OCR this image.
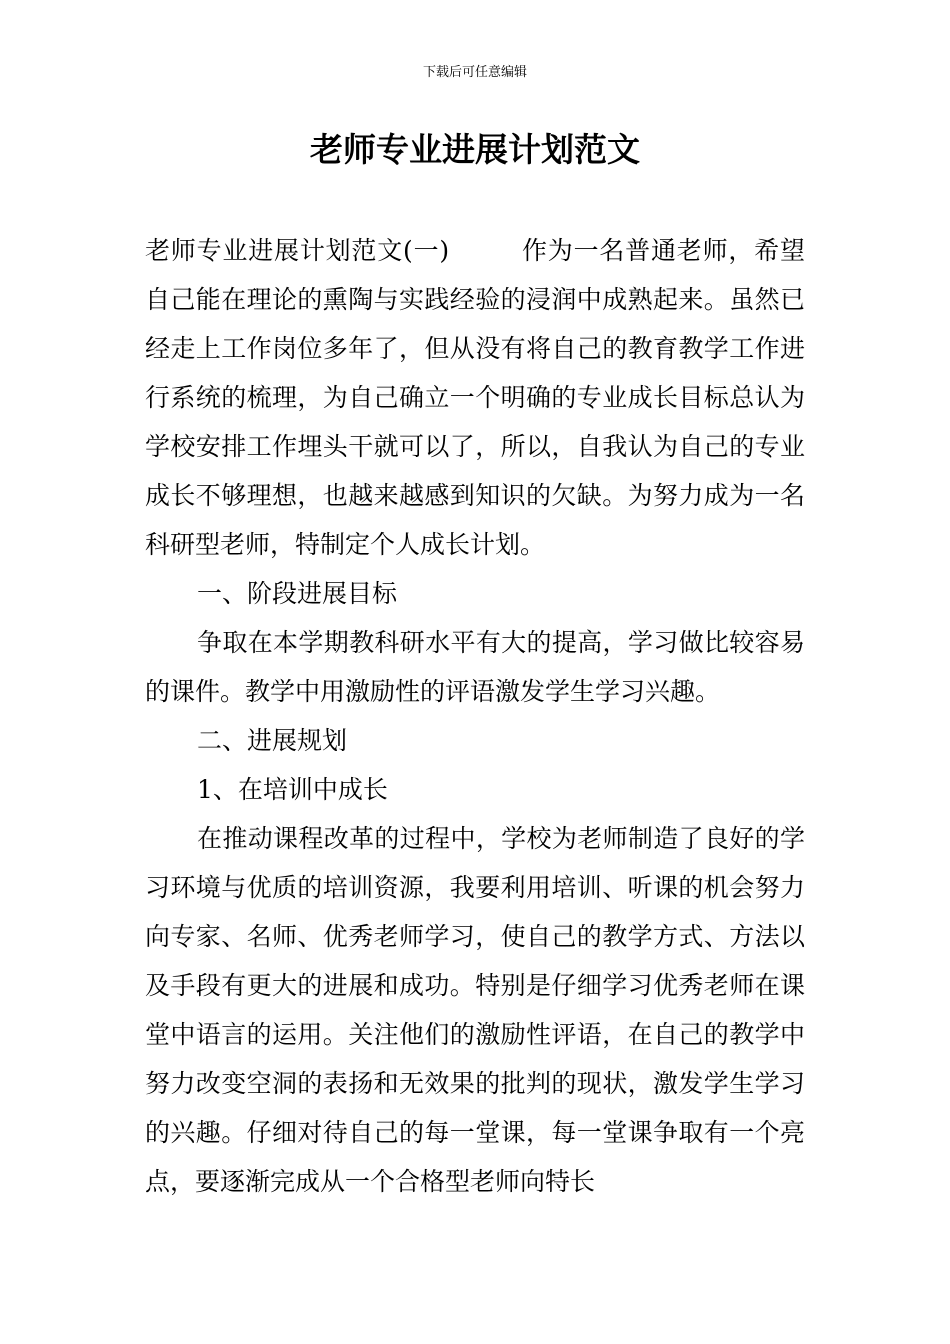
下载后可任意编辑
老师专业进展计划范文

老师专业进展计划范文(一)	作为一名普通老师，希望自己能在理论的熏陶与实践经验的浸润中成熟起来。虽然已经走上工作岗位多年了，但从没有将自己的教育教学工作进行系统的梳理，为自己确立一个明确的专业成长目标总认为学校安排工作埋头干就可以了，所以，自我认为自己的专业成长不够理想，也越来越感到知识的欠缺。为努力成为一名科研型老师，特制定个人成长计划。

一、阶段进展目标

争取在本学期教科研水平有大的提高，学习做比较容易的课件。教学中用激励性的评语激发学生学习兴趣。

二、进展规划

1、在培训中成长

在推动课程改革的过程中，学校为老师制造了良好的学习环境与优质的培训资源，我要利用培训、听课的机会努力向专家、名师、优秀老师学习，使自己的教学方式、方法以及手段有更大的进展和成功。特别是仔细学习优秀老师在课堂中语言的运用。关注他们的激励性评语，在自己的教学中努力改变空洞的表扬和无效果的批判的现状，激发学生学习的兴趣。仔细对待自己的每一堂课，每一堂课争取有一个亮点，要逐渐完成从一个合格型老师向特长
